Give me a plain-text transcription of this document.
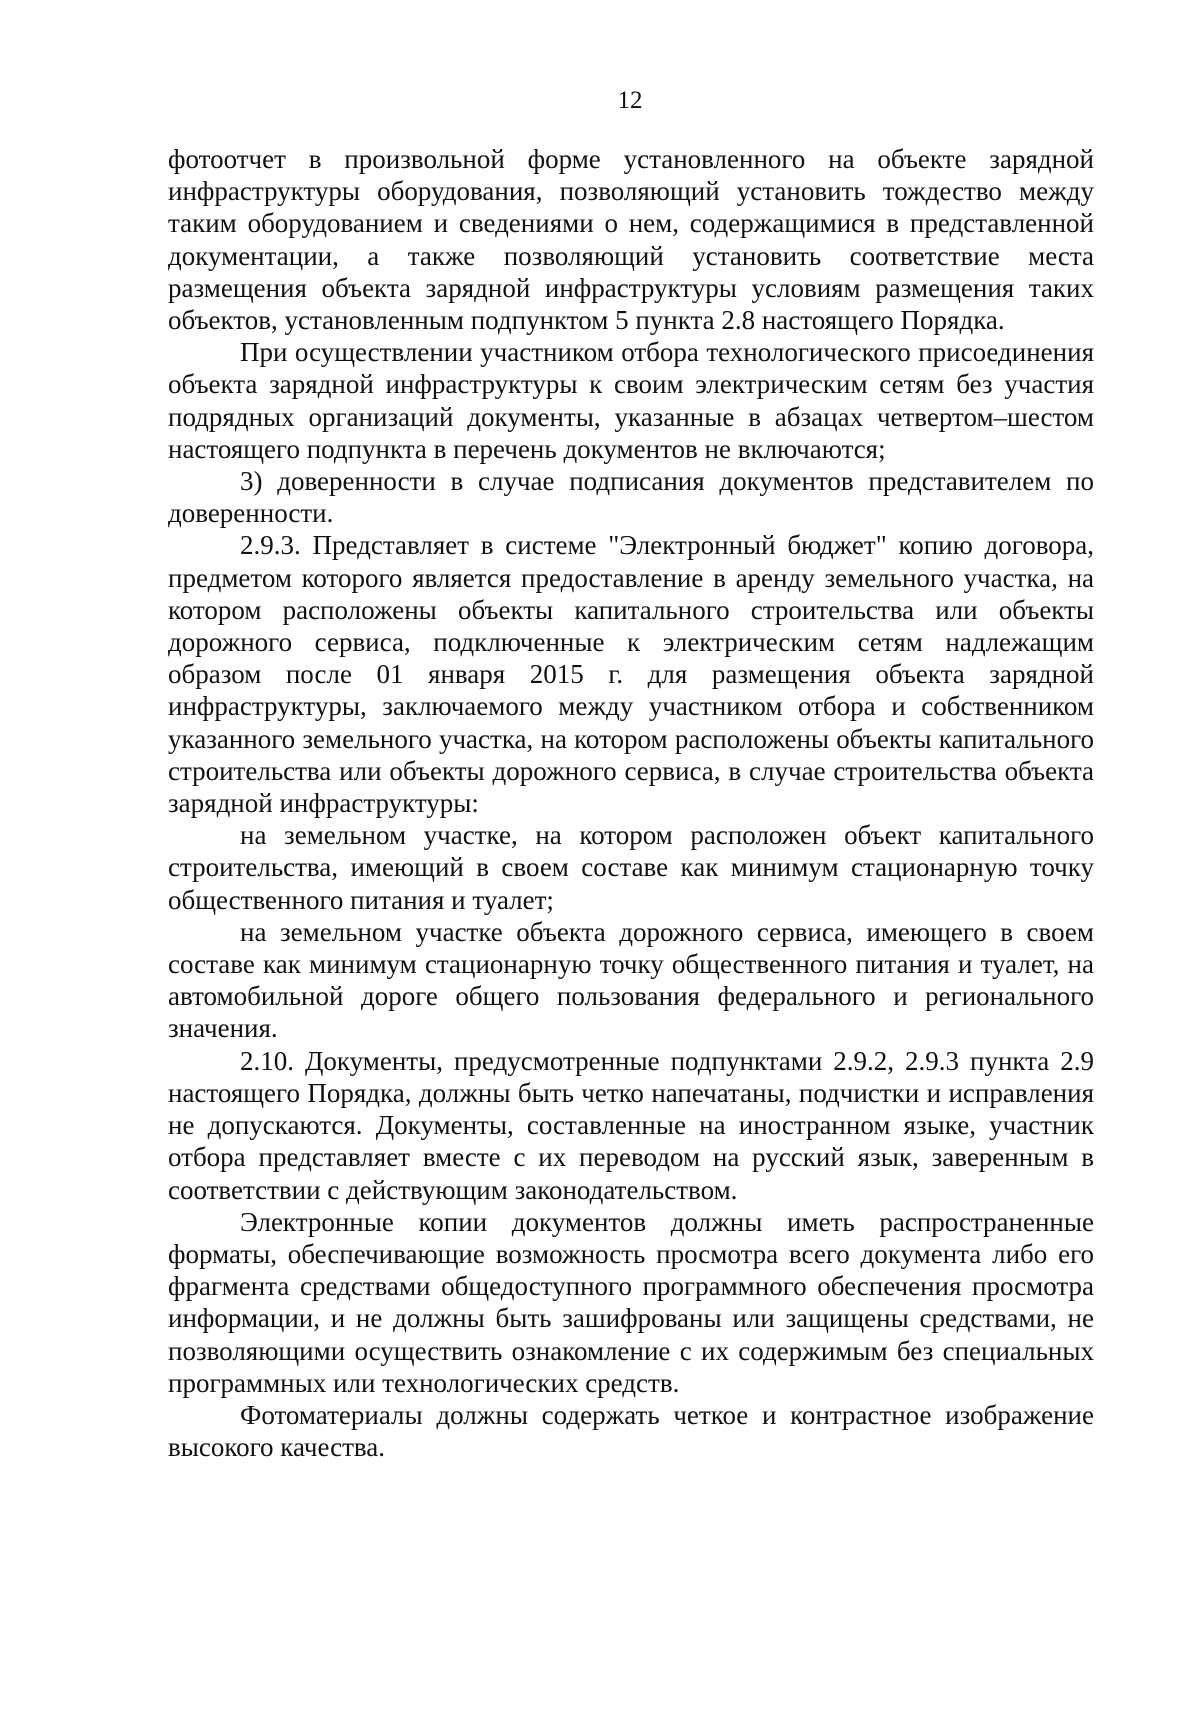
12

фотоотчет в произвольной форме установленного на объекте зарядной инфраструктуры оборудования, позволяющий установить тождество между таким оборудованием и сведениями о нем, содержащимися в представленной документации, а также позволяющий установить соответствие места размещения объекта зарядной инфраструктуры условиям размещения таких объектов, установленным подпунктом 5 пункта 2.8 настоящего Порядка.

При осуществлении участником отбора технологического присоединения объекта зарядной инфраструктуры к своим электрическим сетям без участия подрядных организаций документы, указанные в абзацах четвертом–шестом настоящего подпункта в перечень документов не включаются;

3) доверенности в случае подписания документов представителем по доверенности.

2.9.3. Представляет в системе "Электронный бюджет" копию договора, предметом которого является предоставление в аренду земельного участка, на котором расположены объекты капитального строительства или объекты дорожного сервиса, подключенные к электрическим сетям надлежащим образом после 01 января 2015 г. для размещения объекта зарядной инфраструктуры, заключаемого между участником отбора и собственником указанного земельного участка, на котором расположены объекты капитального строительства или объекты дорожного сервиса, в случае строительства объекта зарядной инфраструктуры:

на земельном участке, на котором расположен объект капитального строительства, имеющий в своем составе как минимум стационарную точку общественного питания и туалет;

на земельном участке объекта дорожного сервиса, имеющего в своем составе как минимум стационарную точку общественного питания и туалет, на автомобильной дороге общего пользования федерального и регионального значения.

2.10. Документы, предусмотренные подпунктами 2.9.2, 2.9.3 пункта 2.9 настоящего Порядка, должны быть четко напечатаны, подчистки и исправления не допускаются. Документы, составленные на иностранном языке, участник отбора представляет вместе с их переводом на русский язык, заверенным в соответствии с действующим законодательством.

Электронные копии документов должны иметь распространенные форматы, обеспечивающие возможность просмотра всего документа либо его фрагмента средствами общедоступного программного обеспечения просмотра информации, и не должны быть зашифрованы или защищены средствами, не позволяющими осуществить ознакомление с их содержимым без специальных программных или технологических средств.

Фотоматериалы должны содержать четкое и контрастное изображение высокого качества.
